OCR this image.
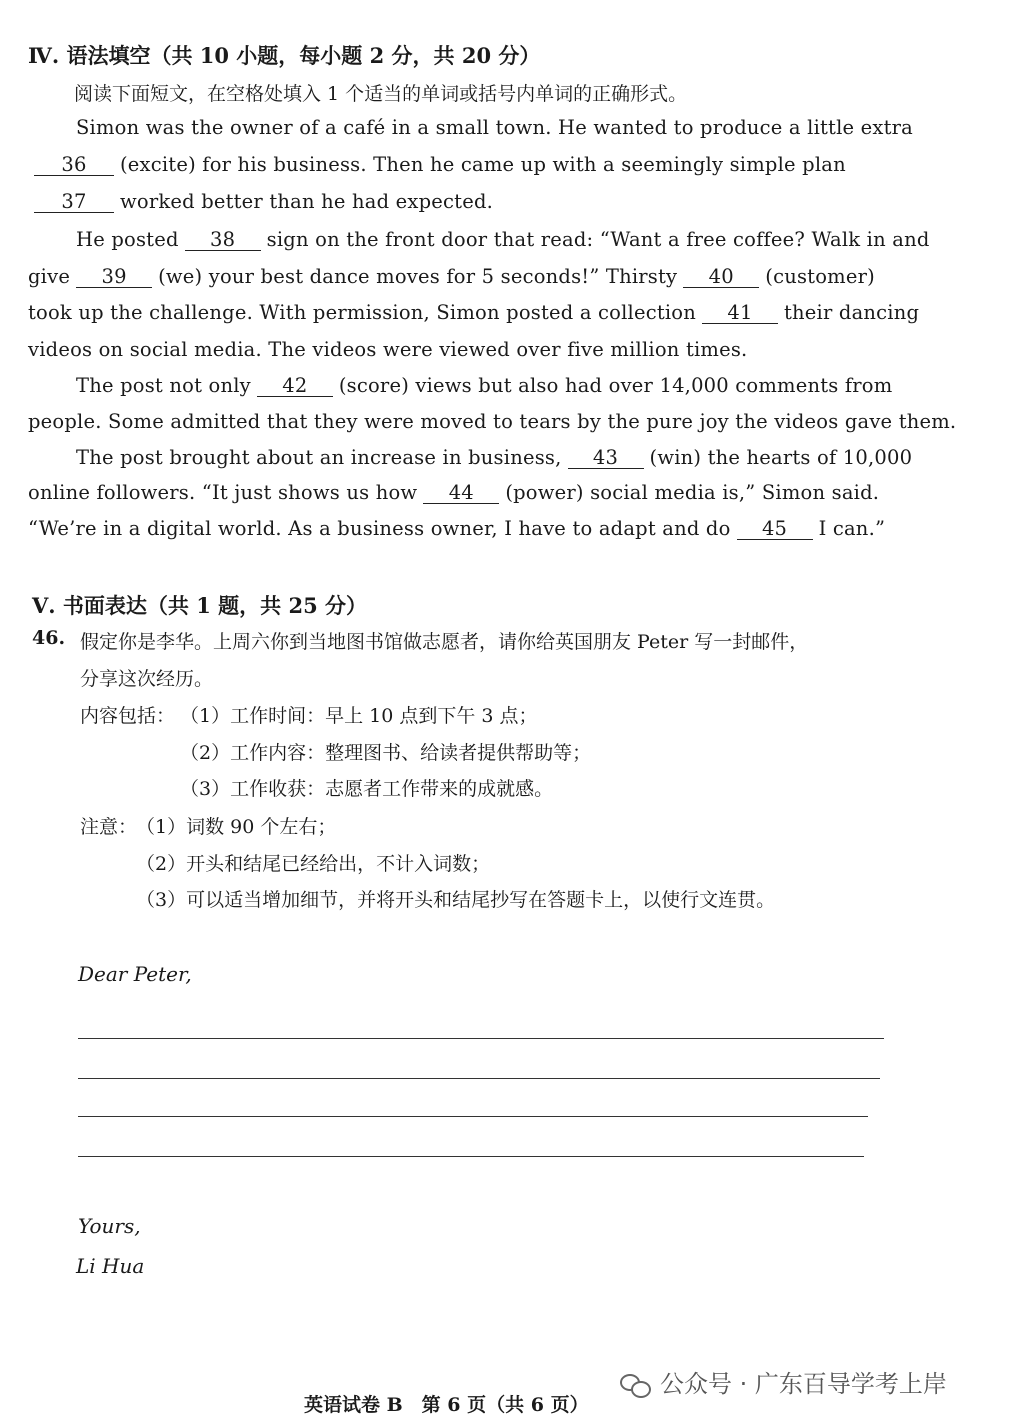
Ⅳ. 语法填空（共 10 小题，每小题 2 分，共 20 分）
阅读下面短文，在空格处填入 1 个适当的单词或括号内单词的正确形式。
Simon was the owner of a café in a small town. He wanted to produce a little extra
36 (excite) for his business. Then he came up with a seemingly simple plan
37 worked better than he had expected.
He posted 38 sign on the front door that read: “Want a free coffee? Walk in and
give 39 (we) your best dance moves for 5 seconds!” Thirsty 40 (customer)
took up the challenge. With permission, Simon posted a collection 41 their dancing
videos on social media. The videos were viewed over five million times.
The post not only 42 (score) views but also had over 14,000 comments from
people. Some admitted that they were moved to tears by the pure joy the videos gave them.
The post brought about an increase in business, 43 (win) the hearts of 10,000
online followers. “It just shows us how 44 (power) social media is,” Simon said.
“We’re in a digital world. As a business owner, I have to adapt and do 45 I can.”
Ⅴ. 书面表达（共 1 题，共 25 分）
46. 假定你是李华。上周六你到当地图书馆做志愿者，请你给英国朋友 Peter 写一封邮件，
分享这次经历。
内容包括： （1）工作时间：早上 10 点到下午 3 点；
（2）工作内容：整理图书、给读者提供帮助等；
（3）工作收获：志愿者工作带来的成就感。
注意：
（1）词数 90 个左右；
（2）开头和结尾已经给出，不计入词数；
（3）可以适当增加细节，并将开头和结尾抄写在答题卡上，以使行文连贯。
Dear Peter,
Yours,
Li Hua
公众号 · 广东百导学考上岸
英语试卷 B　第 6 页（共 6 页）
